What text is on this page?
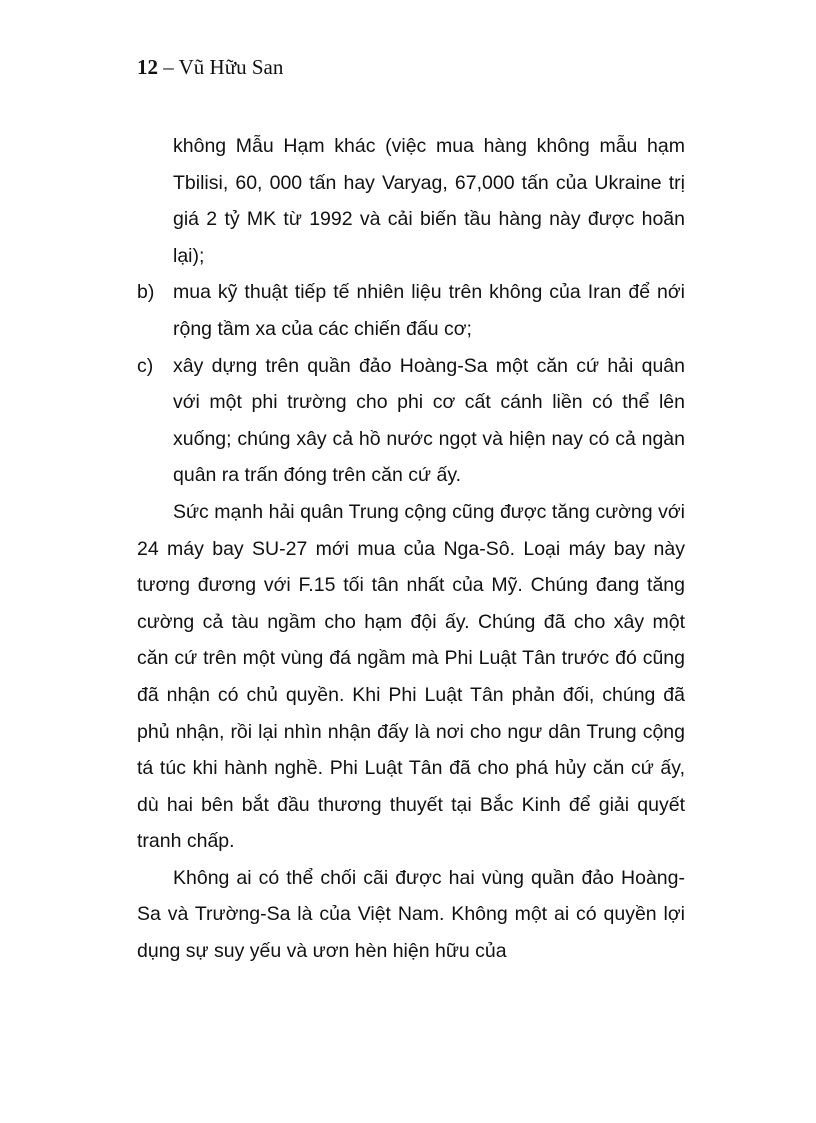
12 – Vũ Hữu San

không Mẫu Hạm khác (việc mua hàng không mẫu hạm Tbilisi, 60, 000 tấn hay Varyag, 67,000 tấn của Ukraine trị giá 2 tỷ MK từ 1992 và cải biến tầu hàng này được hoãn lại);

b) mua kỹ thuật tiếp tế nhiên liệu trên không của Iran để nới rộng tầm xa của các chiến đấu cơ;
c)	xây dựng trên quần đảo Hoàng-Sa một căn cứ hải quân với một phi trường cho phi cơ cất cánh liền có thể lên xuống; chúng xây cả hồ nước ngọt và hiện nay có cả ngàn quân ra trấn đóng trên căn cứ ấy.

Sức mạnh hải quân Trung cộng cũng được tăng cường với 24 máy bay SU-27 mới mua của Nga-Sô. Loại máy bay này tương đương với F.15 tối tân nhất của Mỹ. Chúng đang tăng cường cả tàu ngầm cho hạm đội ấy. Chúng đã cho xây một căn cứ trên một vùng đá ngầm mà Phi Luật Tân trước đó cũng đã nhận có chủ quyền. Khi Phi Luật Tân phản đối, chúng đã phủ nhận, rồi lại nhìn nhận đấy là nơi cho ngư dân Trung cộng tá túc khi hành nghề. Phi Luật Tân đã cho phá hủy căn cứ ấy, dù hai bên bắt đầu thương thuyết tại Bắc Kinh để giải quyết tranh chấp.

Không ai có thể chối cãi được hai vùng quần đảo Hoàng-Sa và Trường-Sa là của Việt Nam. Không một ai có quyền lợi dụng sự suy yếu và ươn hèn hiện hữu của
